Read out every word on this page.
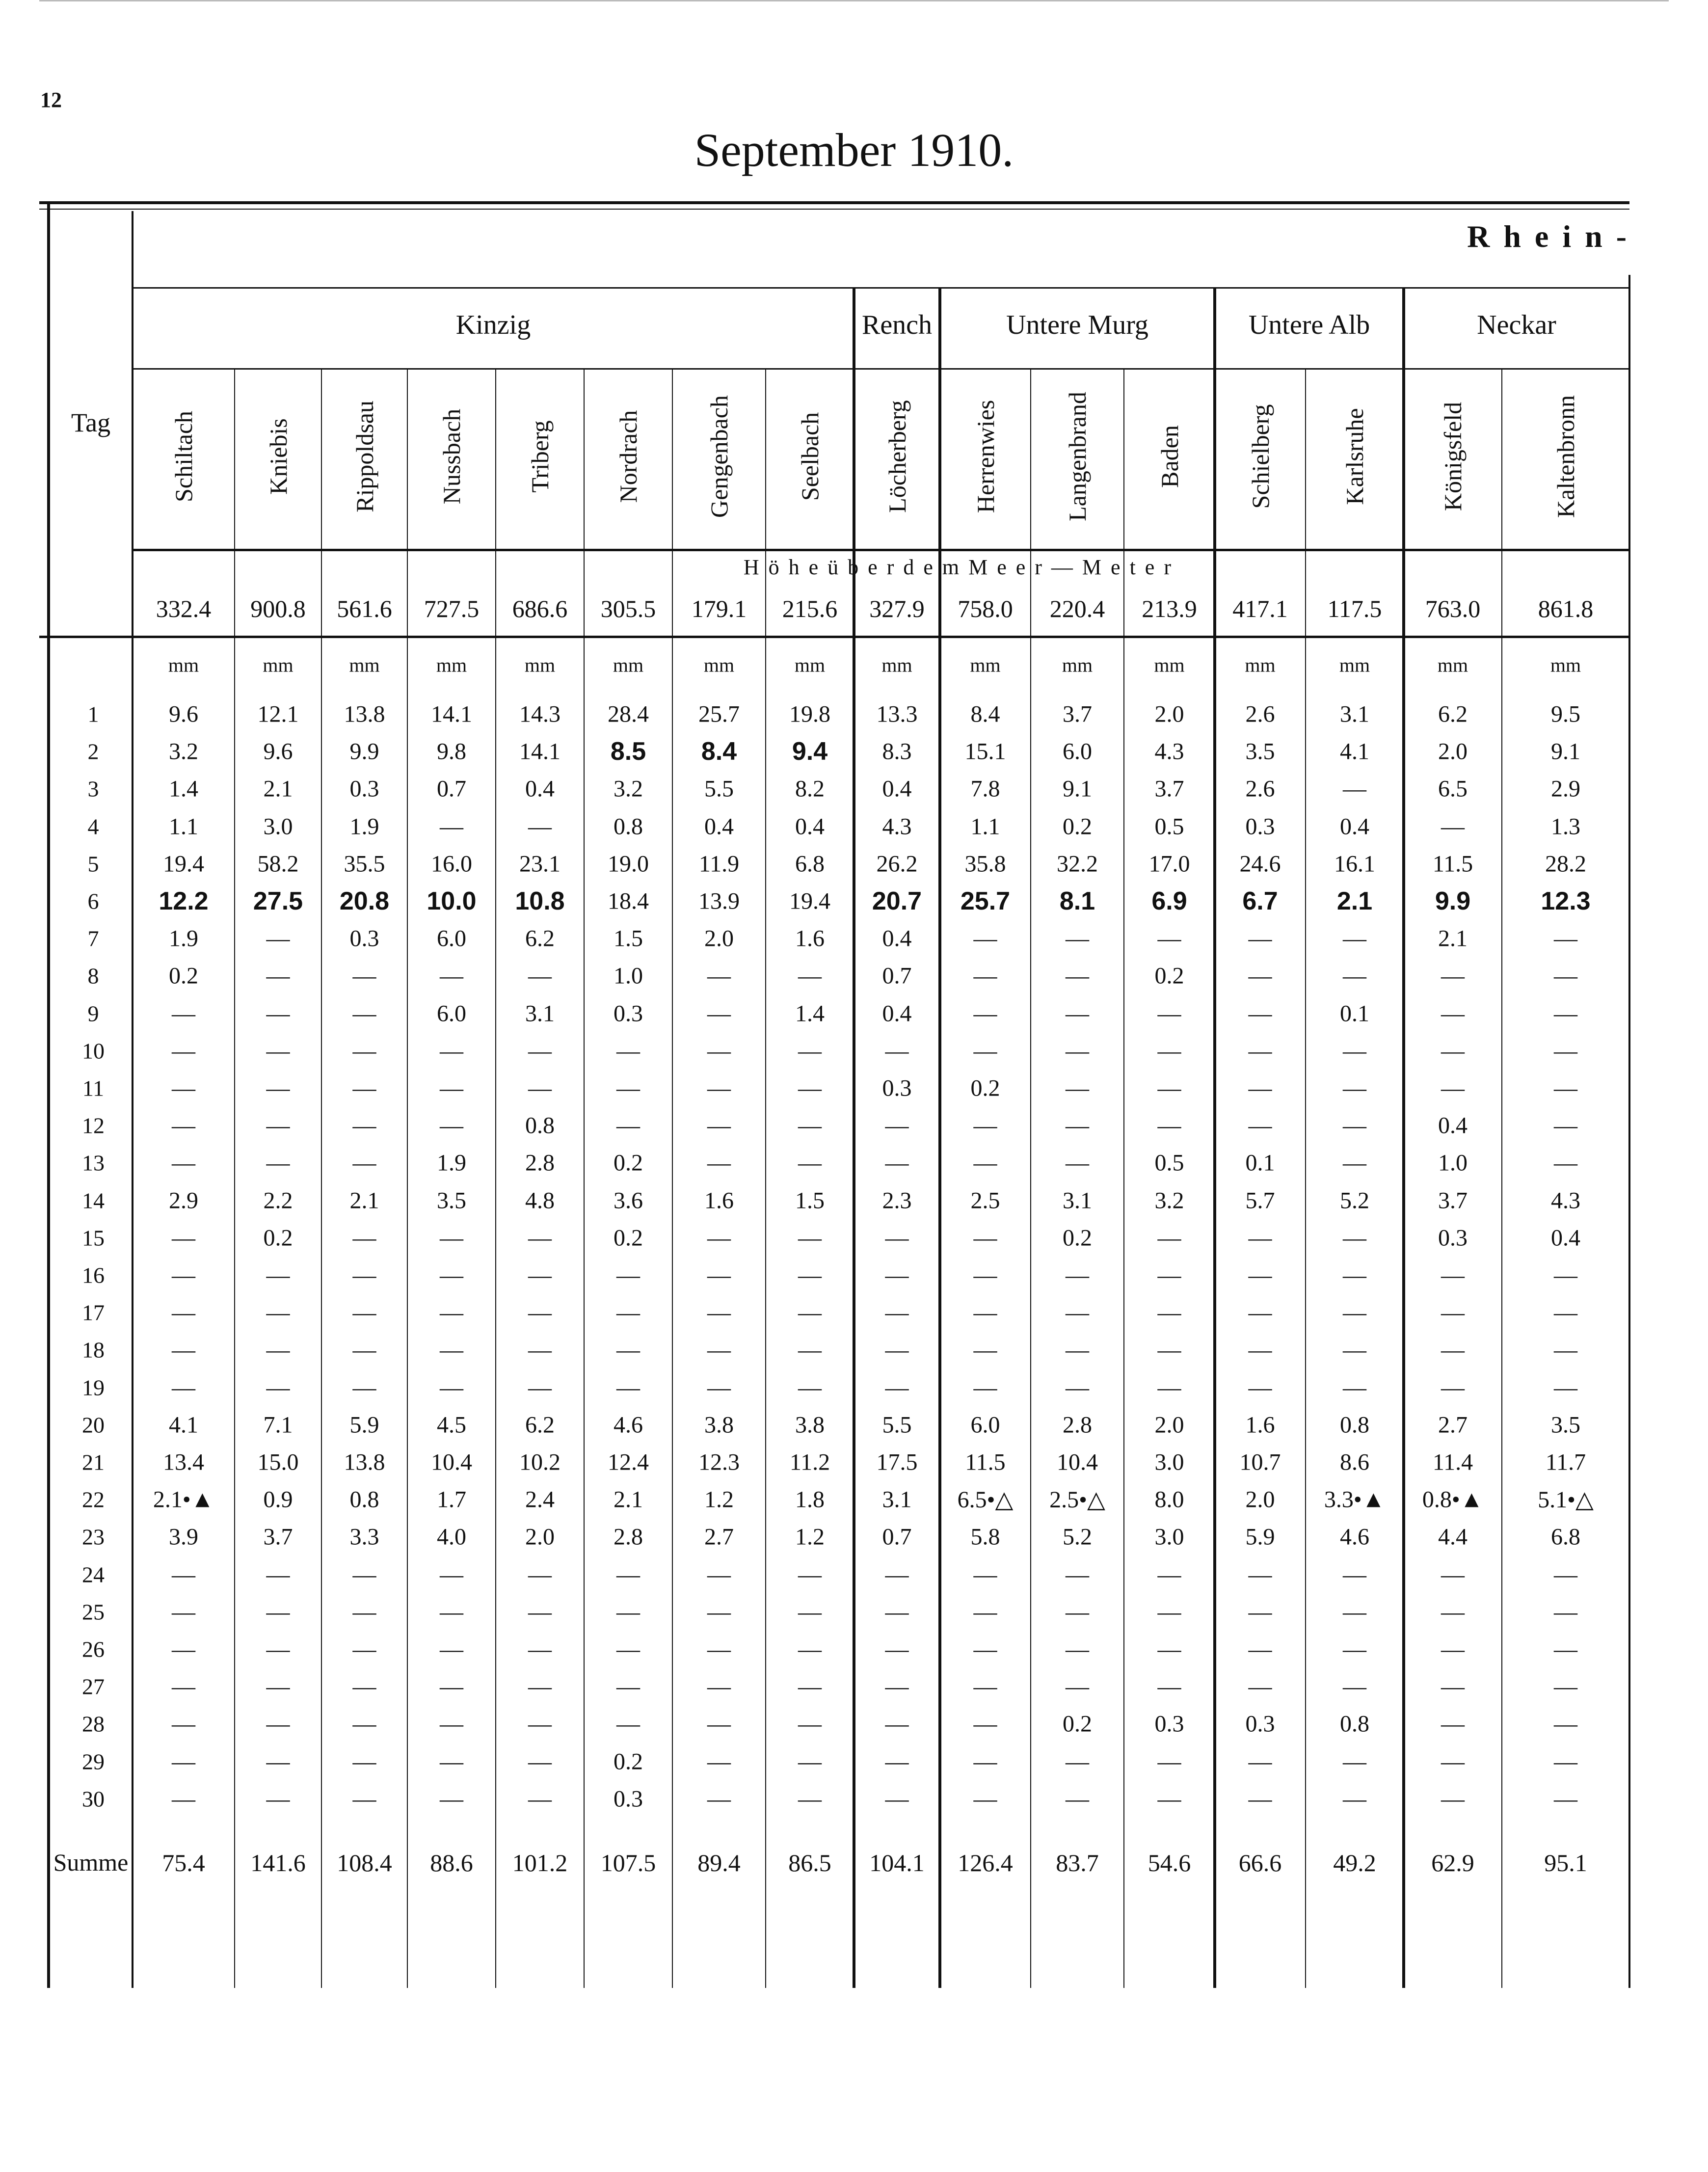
12
September 1910.
R h e i n -
Kinzig	Rench	Untere Murg	Untere Alb	Neckar
Tag	Schiltach	Kniebis Rippoldsau Nussbach Triberg Nordrach	Gengenbach	Seelbach Löcherberg Herrenwies	Langenbrand	Baden	Schielberg	Karlsruhe	Königsfeld	Kaltenbronn
H ö h e ü b e r d e m M e e r — M e t e r
332.4 900.8 561.6 727.5 686.6 305.5 179.1 215.6 327.9 758.0 220.4 213.9 417.1 117.5 763.0 861.8
mm	mm	mm	mm	mm	mm	mm	mm	mm	mm	mm	mm	mm	mm	mm	mm
1	9.6	12.1 13.8 14.1 14.3 28.4 25.7 19.8 13.3 8.4	3.7	2.0	2.6	3.1	6.2	9.5
2	3.2	9.6 9.9 9.8 14.1 8.5 8.4 9.4 8.3 15.1 6.0	4.3	3.5	4.1	2.0	9.1
3	1.4	2.1 0.3 0.7	0.4	3.2	5.5	8.2 0.4	7.8	9.1	3.7	2.6	—	6.5	2.9
4	1.1	3.0 1.9	—	—	0.8	0.4	0.4 4.3	1.1	0.2	0.5	0.3	0.4	—	1.3
5	19.4 58.2 35.5 16.0 23.1 19.0 11.9 6.8 26.2 35.8 32.2 17.0 24.6 16.1 11.5	28.2
6	12.2 27.5 20.8 10.0 10.8 18.4 13.9 19.4 20.7 25.7 8.1 6.9 6.7 2.1 9.9	12.3
7	1.9	—	0.3 6.0	6.2	1.5	2.0	1.6 0.4	—	—	—	—	—	2.1	—
8	0.2	—	—	—	—	1.0	—	—	0.7	—	—	0.2	—	—	—	—
9	—	—	—	6.0	3.1	0.3	—	1.4 0.4	—	—	—	—	0.1	—	—
10	—	—	—	—	—	—	—	—	—	—	—	—	—	—	—	—
11	—	—	—	—	—	—	—	—	0.3	0.2	—	—	—	—	—	—
12	—	—	—	—	0.8	—	—	—	—	—	—	—	—	—	0.4	—
13	—	—	—	1.9	2.8	0.2	—	—	—	—	—	0.5	0.1	—	1.0	—
14	2.9	2.2 2.1 3.5	4.8	3.6	1.6	1.5 2.3	2.5	3.1	3.2	5.7	5.2	3.7	4.3
15	—	0.2	—	—	—	0.2	—	—	—	—	0.2	—	—	—	0.3	0.4
16	—	—	—	—	—	—	—	—	—	—	—	—	—	—	—	—
17	—	—	—	—	—	—	—	—	—	—	—	—	—	—	—	—
18	—	—	—	—	—	—	—	—	—	—	—	—	—	—	—	—
19	—	—	—	—	—	—	—	—	—	—	—	—	—	—	—	—
20	4.1	7.1 5.9 4.5	6.2	4.6	3.8	3.8 5.5	6.0	2.8	2.0	1.6	0.8	2.7	3.5
21	13.4 15.0 13.8 10.4 10.2 12.4 12.3 11.2 17.5 11.5 10.4 3.0 10.7	8.6	11.4	11.7
22	2.1•▲ 0.9 0.8 1.7	2.4	2.1	1.2	1.8 3.1 6.5•△ 2.5•△ 8.0	2.0 3.3•▲ 0.8•▲ 5.1•△
23	3.9	3.7 3.3 4.0	2.0	2.8	2.7	1.2 0.7	5.8	5.2	3.0	5.9	4.6	4.4	6.8
24	—	—	—	—	—	—	—	—	—	—	—	—	—	—	—	—
25	—	—	—	—	—	—	—	—	—	—	—	—	—	—	—	—
26	—	—	—	—	—	—	—	—	—	—	—	—	—	—	—	—
27	—	—	—	—	—	—	—	—	—	—	—	—	—	—	—	—
28	—	—	—	—	—	—	—	—	—	—	0.2	0.3	0.3	0.8	—	—
29	—	—	—	—	—	0.2	—	—	—	—	—	—	—	—	—	—
30	—	—	—	—	—	0.3	—	—	—	—	—	—	—	—	—	—
Summe 75.4 141.6 108.4 88.6 101.2 107.5 89.4 86.5 104.1 126.4 83.7 54.6 66.6 49.2 62.9	95.1
